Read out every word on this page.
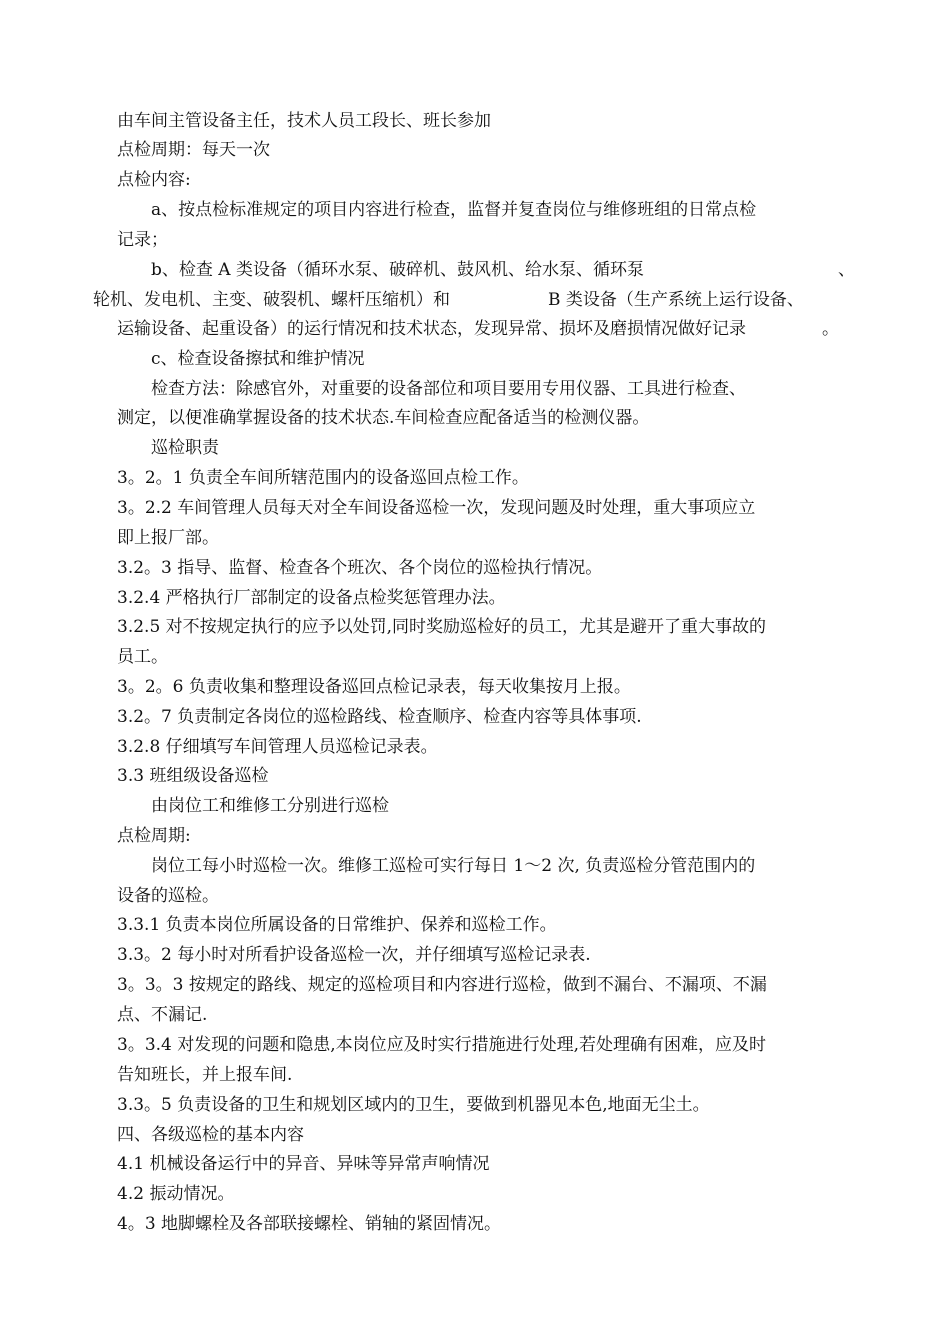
由车间主管设备主任，技术人员工段长、班长参加
点检周期：每天一次
点检内容:
a、按点检标准规定的项目内容进行检查，监督并复查岗位与维修班组的日常点检
记录；
b、检查 A 类设备（循环水泵、破碎机、鼓风机、给水泵、循环泵	、
轮机、发电机、主变、破裂机、螺杆压缩机）和	B 类设备（生产系统上运行设备、
运输设备、起重设备）的运行情况和技术状态，发现异常、损坏及磨损情况做好记录	。
c、检查设备擦拭和维护情况
检查方法：除感官外，对重要的设备部位和项目要用专用仪器、工具进行检查、
测定，以便准确掌握设备的技术状态.车间检查应配备适当的检测仪器。
巡检职责
3。2。1 负责全车间所辖范围内的设备巡回点检工作。
3。2.2 车间管理人员每天对全车间设备巡检一次，发现问题及时处理，重大事项应立
即上报厂部。
3.2。3 指导、监督、检查各个班次、各个岗位的巡检执行情况。
3.2.4 严格执行厂部制定的设备点检奖惩管理办法。
3.2.5 对不按规定执行的应予以处罚,同时奖励巡检好的员工，尤其是避开了重大事故的
员工。
3。2。6 负责收集和整理设备巡回点检记录表，每天收集按月上报。
3.2。7 负责制定各岗位的巡检路线、检查顺序、检查内容等具体事项.
3.2.8 仔细填写车间管理人员巡检记录表。
3.3 班组级设备巡检
由岗位工和维修工分别进行巡检
点检周期:
岗位工每小时巡检一次。维修工巡检可实行每日 1～2 次, 负责巡检分管范围内的
设备的巡检。
3.3.1 负责本岗位所属设备的日常维护、保养和巡检工作。
3.3。2 每小时对所看护设备巡检一次，并仔细填写巡检记录表.
3。3。3 按规定的路线、规定的巡检项目和内容进行巡检，做到不漏台、不漏项、不漏
点、不漏记.
3。3.4 对发现的问题和隐患,本岗位应及时实行措施进行处理,若处理确有困难，应及时
告知班长，并上报车间.
3.3。5 负责设备的卫生和规划区域内的卫生，要做到机器见本色,地面无尘土。
四、各级巡检的基本内容
4.1 机械设备运行中的异音、异味等异常声响情况
4.2 振动情况。
4。3 地脚螺栓及各部联接螺栓、销轴的紧固情况。
